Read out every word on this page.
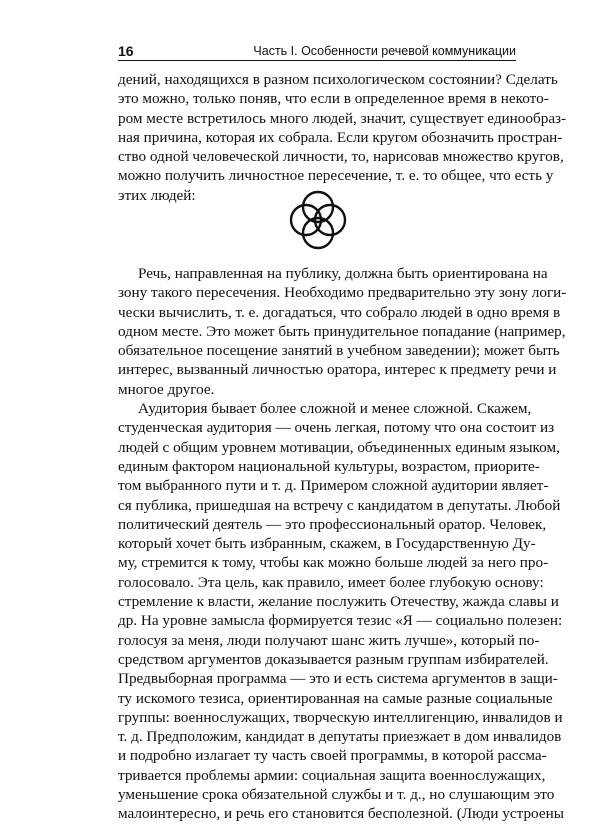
16	Часть I. Особенности речевой коммуникации
дений, находящихся в разном психологическом состоянии? Сделать
это можно, только поняв, что если в определенное время в некото-
ром месте встретилось много людей, значит, существует единообраз-
ная причина, которая их собрала. Если кругом обозначить простран-
ство одной человеческой личности, то, нарисовав множество кругов,
можно получить личностное пересечение, т. е. то общее, что есть у
этих людей:
Речь, направленная на публику, должна быть ориентирована на
зону такого пересечения. Необходимо предварительно эту зону логи-
чески вычислить, т. е. догадаться, что собрало людей в одно время в
одном месте. Это может быть принудительное попадание (например,
обязательное посещение занятий в учебном заведении); может быть
интерес, вызванный личностью оратора, интерес к предмету речи и
многое другое.
Аудитория бывает более сложной и менее сложной. Скажем,
студенческая аудитория — очень легкая, потому что она состоит из
людей с общим уровнем мотивации, объединенных единым языком,
единым фактором национальной культуры, возрастом, приорите-
том выбранного пути и т. д. Примером сложной аудитории являет-
ся публика, пришедшая на встречу с кандидатом в депутаты. Любой
политический деятель — это профессиональный оратор. Человек,
который хочет быть избранным, скажем, в Государственную Ду-
му, стремится к тому, чтобы как можно больше людей за него про-
голосовало. Эта цель, как правило, имеет более глубокую основу:
стремление к власти, желание послужить Отечеству, жажда славы и
др. На уровне замысла формируется тезис «Я — социально полезен:
голосуя за меня, люди получают шанс жить лучше», который по-
средством аргументов доказывается разным группам избирателей.
Предвыборная программа — это и есть система аргументов в защи-
ту искомого тезиса, ориентированная на самые разные социальные
группы: военнослужащих, творческую интеллигенцию, инвалидов и
т. д. Предположим, кандидат в депутаты приезжает в дом инвалидов
и подробно излагает ту часть своей программы, в которой рассма-
тривается проблемы армии: социальная защита военнослужащих,
уменьшение срока обязательной службы и т. д., но слушающим это
малоинтересно, и речь его становится бесполезной. (Люди устроены
